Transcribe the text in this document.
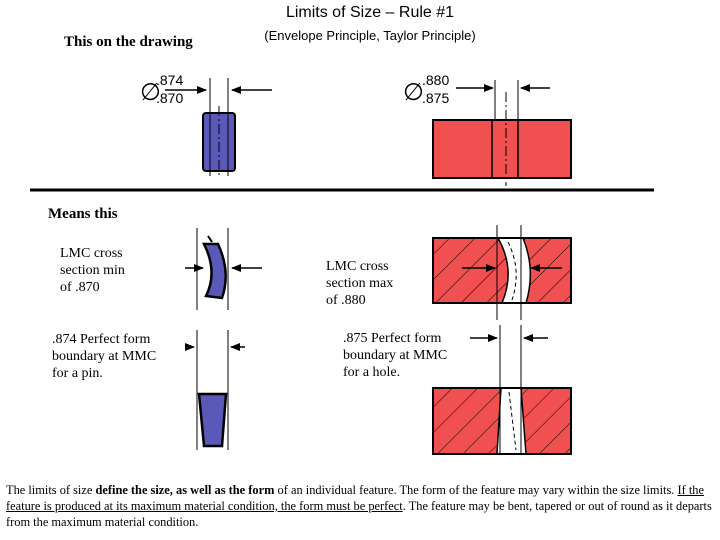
Limits of Size – Rule #1
(Envelope Principle, Taylor Principle)
This on the drawing
Means this
∅
.874
.870	∅
.880
.875
LMC cross
section min
of .870
.874 Perfect form
boundary at MMC
for a pin.
LMC cross
section max
of .880
.875 Perfect form
boundary at MMC
for a hole.
The limits of size define the size, as well as the form of an individual feature. The form of the feature may vary within the size limits. If the feature is produced at its maximum material condition, the form must be perfect. The feature may be bent, tapered or out of round as it departs from the maximum material condition.
